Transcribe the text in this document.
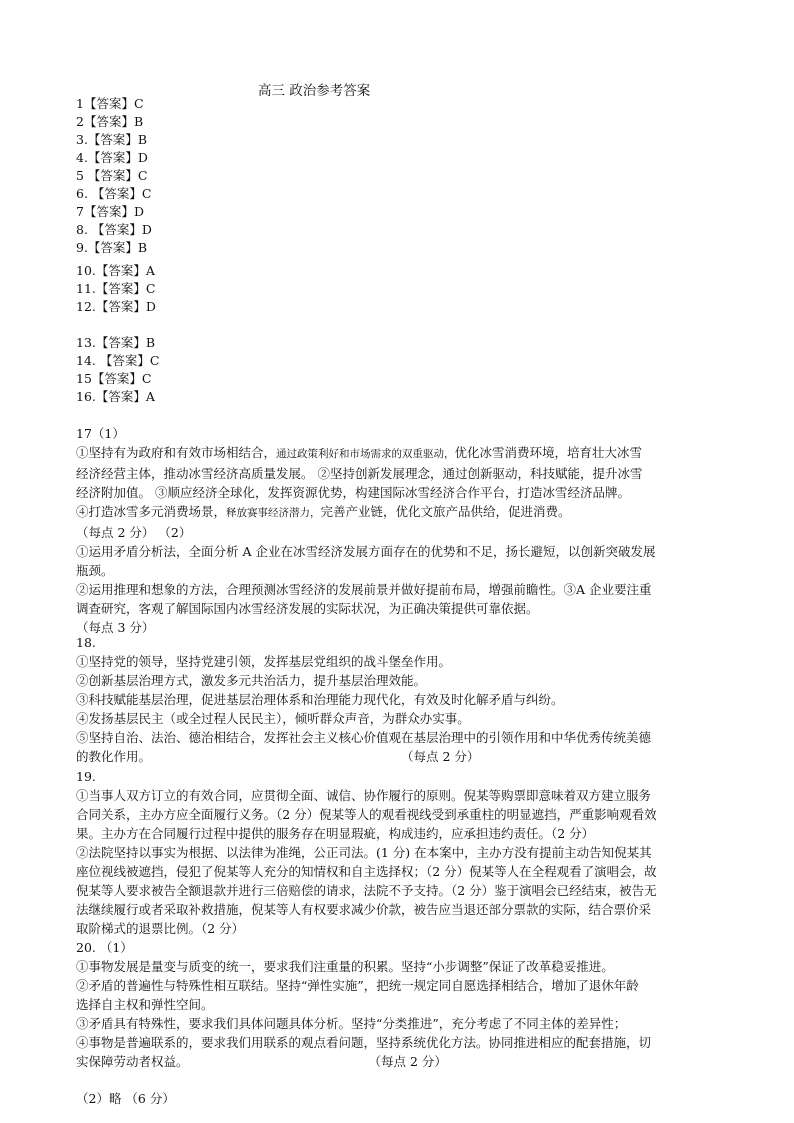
高三 政治参考答案
1【答案】C
2【答案】B
3.【答案】B
4.【答案】D
5 【答案】C
6. 【答案】C
7【答案】D
8. 【答案】D
9.【答案】B
10.【答案】A
11.【答案】C
12.【答案】D
13.【答案】B
14. 【答案】C
15【答案】C
16.【答案】A

17（1）

①坚持有为政府和有效市场相结合，通过政策利好和市场需求的双重驱动，优化冰雪消费环境，培育壮大冰雪

经济经营主体，推动冰雪经济高质量发展。 ②坚持创新发展理念，通过创新驱动，科技赋能，提升冰雪

经济附加值。 ③顺应经济全球化，发挥资源优势，构建国际冰雪经济合作平台，打造冰雪经济品牌。

④打造冰雪多元消费场景，释放赛事经济潜力，完善产业链，优化文旅产品供给，促进消费。

（每点 2 分） （2）

①运用矛盾分析法，全面分析 A 企业在冰雪经济发展方面存在的优势和不足，扬长避短，以创新突破发展

瓶颈。

②运用推理和想象的方法，合理预测冰雪经济的发展前景并做好提前布局，增强前瞻性。③A 企业要注重

调查研究，客观了解国际国内冰雪经济发展的实际状况，为正确决策提供可靠依据。

（每点 3 分）

18.

①坚持党的领导，坚持党建引领，发挥基层党组织的战斗堡垒作用。

②创新基层治理方式，激发多元共治活力，提升基层治理效能。

③科技赋能基层治理，促进基层治理体系和治理能力现代化，有效及时化解矛盾与纠纷。

④发扬基层民主（或全过程人民民主），倾听群众声音，为群众办实事。

⑤坚持自治、法治、德治相结合，发挥社会主义核心价值观在基层治理中的引领作用和中华优秀传统美德

的教化作用。	（每点 2 分）

19.

①当事人双方订立的有效合同，应贯彻全面、诚信、协作履行的原则。倪某等购票即意味着双方建立服务

合同关系，主办方应全面履行义务。（2 分）倪某等人的观看视线受到承重柱的明显遮挡，严重影响观看效

果。主办方在合同履行过程中提供的服务存在明显瑕疵，构成违约，应承担违约责任。（2 分）

②法院坚持以事实为根据、以法律为准绳，公正司法。(1 分) 在本案中，主办方没有提前主动告知倪某其

座位视线被遮挡，侵犯了倪某等人充分的知情权和自主选择权；（2 分）倪某等人在全程观看了演唱会，故

倪某等人要求被告全额退款并进行三倍赔偿的请求，法院不予支持。（2 分）鉴于演唱会已经结束，被告无

法继续履行或者采取补救措施，倪某等人有权要求减少价款，被告应当退还部分票款的实际，结合票价采

取阶梯式的退票比例。（2 分）

20. （1）

①事物发展是量变与质变的统一，要求我们注重量的积累。坚持“小步调整”保证了改革稳妥推进。

②矛盾的普遍性与特殊性相互联结。坚持“弹性实施”，把统一规定同自愿选择相结合，增加了退休年龄

选择自主权和弹性空间。

③矛盾具有特殊性，要求我们具体问题具体分析。坚持“分类推进”，充分考虑了不同主体的差异性；

④事物是普遍联系的，要求我们用联系的观点看问题，坚持系统优化方法。协同推进相应的配套措施，切

实保障劳动者权益。	（每点 2 分）

（2）略 （6 分）
